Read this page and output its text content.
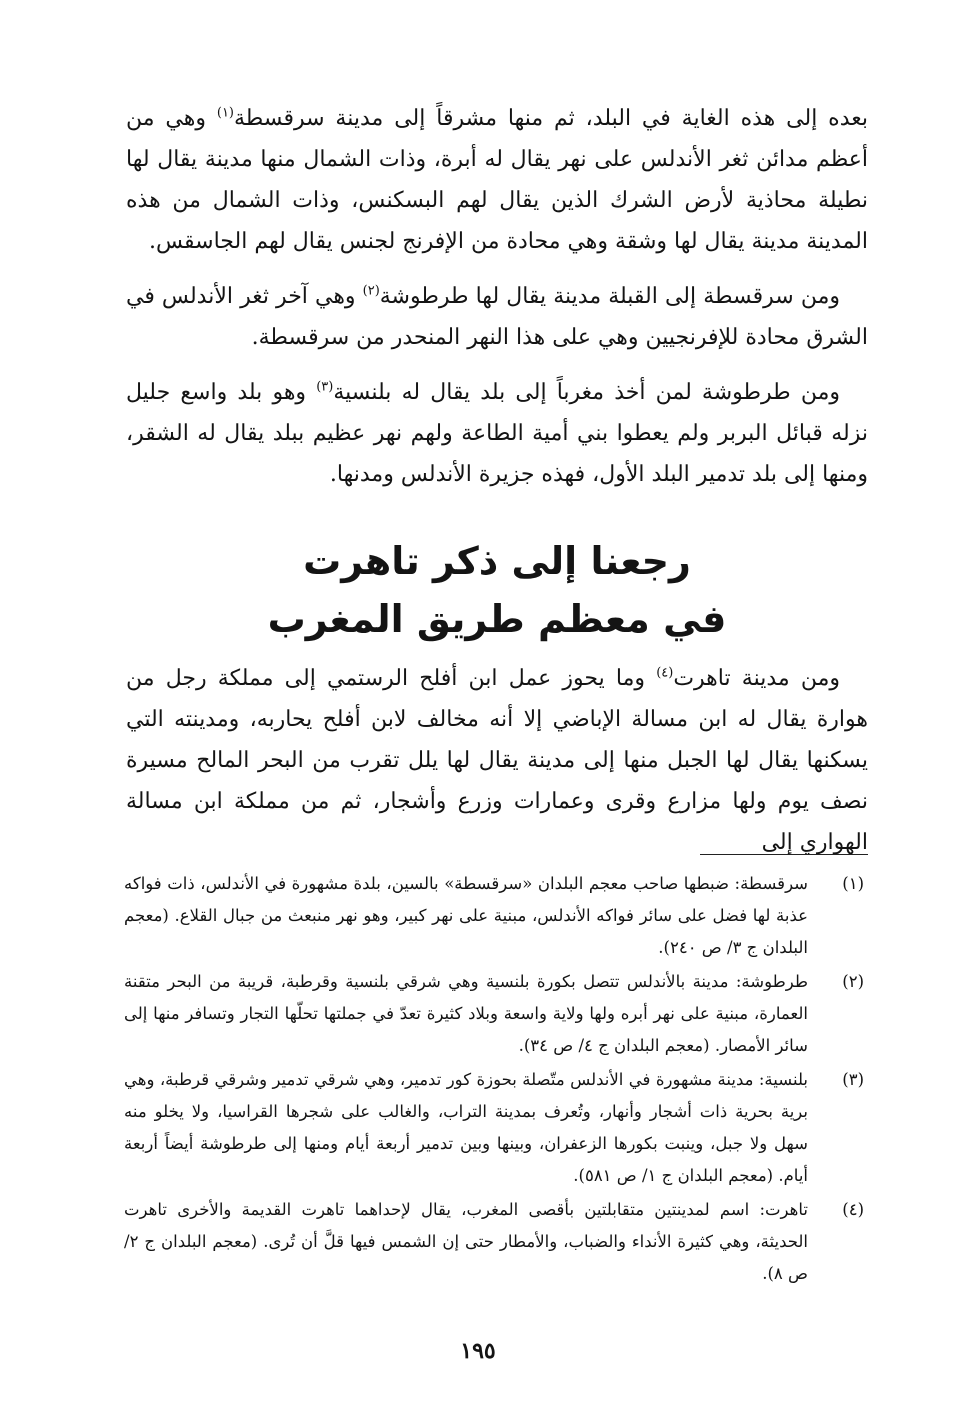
بعده إلى هذه الغاية في البلد، ثم منها مشرقاً إلى مدينة سرقسطة$^{(١)}$ وهي من أعظم مدائن ثغر الأندلس على نهر يقال له أبرة، وذات الشمال منها مدينة يقال لها نطيلة محاذية لأرض الشرك الذين يقال لهم البسكنس، وذات الشمال من هذه المدينة مدينة يقال لها وشقة وهي محادة من الإفرنج لجنس يقال لهم الجاسقس.

ومن سرقسطة إلى القبلة مدينة يقال لها طرطوشة$^{(٢)}$ وهي آخر ثغر الأندلس في الشرق محادة للإفرنجيين وهي على هذا النهر المنحدر من سرقسطة.

ومن طرطوشة لمن أخذ مغرباً إلى بلد يقال له بلنسية$^{(٣)}$ وهو بلد واسع جليل نزله قبائل البربر ولم يعطوا بني أمية الطاعة ولهم نهر عظيم ببلد يقال له الشقر، ومنها إلى بلد تدمير البلد الأول، فهذه جزيرة الأندلس ومدنها.

رجعنا إلى ذكر تاهرت
في معظم طريق المغرب

ومن مدينة تاهرت$^{(٤)}$ وما يحوز عمل ابن أفلح الرستمي إلى مملكة رجل من هوارة يقال له ابن مسالة الإباضي إلا أنه مخالف لابن أفلح يحاربه، ومدينته التي يسكنها يقال لها الجبل منها إلى مدينة يقال لها يلل تقرب من البحر المالح مسيرة نصف يوم ولها مزارع وقرى وعمارات وزرع وأشجار، ثم من مملكة ابن مسالة الهواري إلى

(١)
سرقسطة: ضبطها صاحب معجم البلدان «سرقسطة» بالسين، بلدة مشهورة في الأندلس، ذات فواكه عذبة لها فضل على سائر فواكه الأندلس، مبنية على نهر كبير، وهو نهر منبعث من جبال القلاع. (معجم البلدان ج ٣/ ص ٢٤٠).
(٢)
طرطوشة: مدينة بالأندلس تتصل بكورة بلنسية وهي شرقي بلنسية وقرطبة، قريبة من البحر متقنة العمارة، مبنية على نهر أبره ولها ولاية واسعة وبلاد كثيرة تعدّ في جملتها تحلّها التجار وتسافر منها إلى سائر الأمصار. (معجم البلدان ج ٤/ ص ٣٤).
(٣)
بلنسية: مدينة مشهورة في الأندلس متّصلة بحوزة كور تدمير، وهي شرقي تدمير وشرقي قرطبة، وهي برية بحرية ذات أشجار وأنهار، وتُعرف بمدينة التراب، والغالب على شجرها القراسيا، ولا يخلو منه سهل ولا جبل، وينبت بكورها الزعفران، وبينها وبين تدمير أربعة أيام ومنها إلى طرطوشة أيضاً أربعة أيام. (معجم البلدان ج ١/ ص ٥٨١).
(٤)
تاهرت: اسم لمدينتين متقابلتين بأقصى المغرب، يقال لإحداهما تاهرت القديمة والأخرى تاهرت الحديثة، وهي كثيرة الأنداء والضباب، والأمطار حتى إن الشمس فيها قلَّ أن تُرى. (معجم البلدان ج ٢/ ص ٨).
١٩٥
